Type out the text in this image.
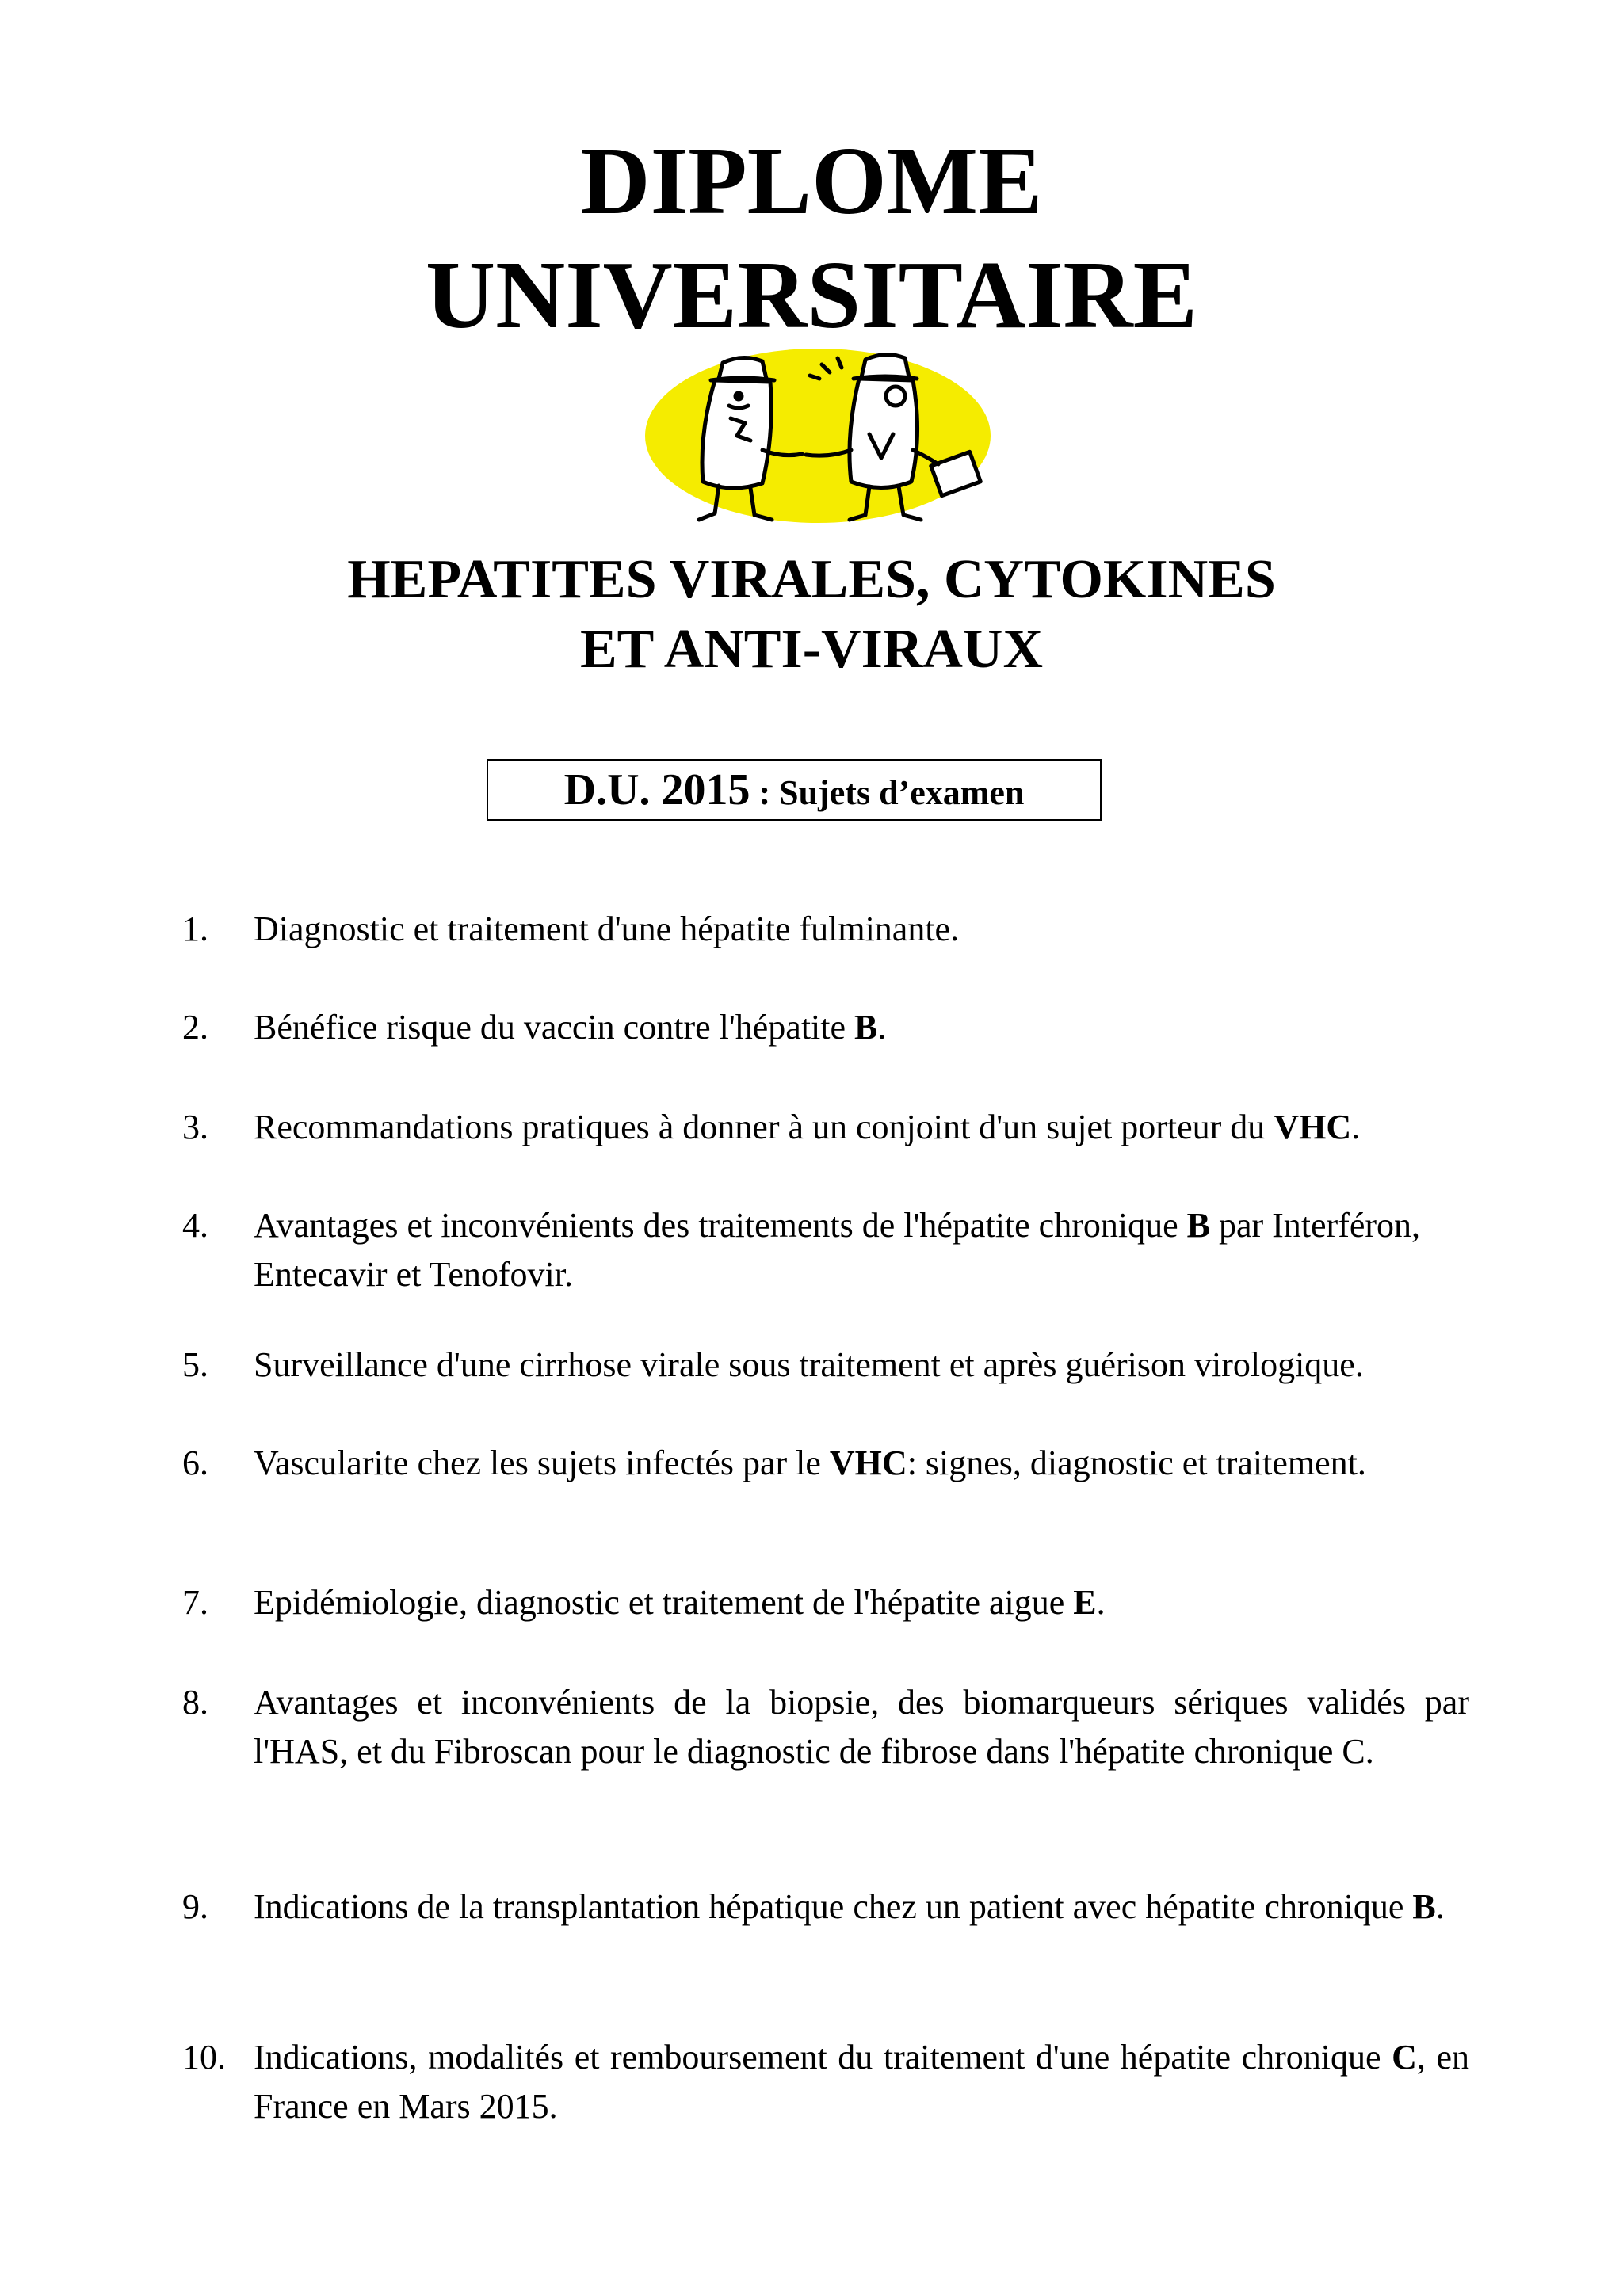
DIPLOME
UNIVERSITAIRE
HEPATITES VIRALES, CYTOKINES
ET ANTI-VIRAUX
D.U. 2015 : Sujets d’examen
1.	Diagnostic et traitement d'une hépatite fulminante.
2.	Bénéfice risque du vaccin contre l'hépatite B.
3.	Recommandations pratiques à donner à un conjoint d'un sujet porteur du VHC.
4.	Avantages et inconvénients des traitements de l'hépatite chronique B par Interféron, Entecavir et Tenofovir.
5.	Surveillance d'une cirrhose virale sous traitement et après guérison virologique.
6.	Vascularite chez les sujets infectés par le VHC: signes, diagnostic et traitement.
7.	Epidémiologie, diagnostic et traitement de l'hépatite aigue E.
8.	Avantages et inconvénients de la biopsie, des biomarqueurs sériques validés par l'HAS, et du Fibroscan pour le diagnostic de fibrose dans l'hépatite chronique C.
9.	Indications de la transplantation hépatique chez un patient avec hépatite chronique B.
10. Indications, modalités et remboursement du traitement d'une hépatite chronique C, en France en Mars 2015.
